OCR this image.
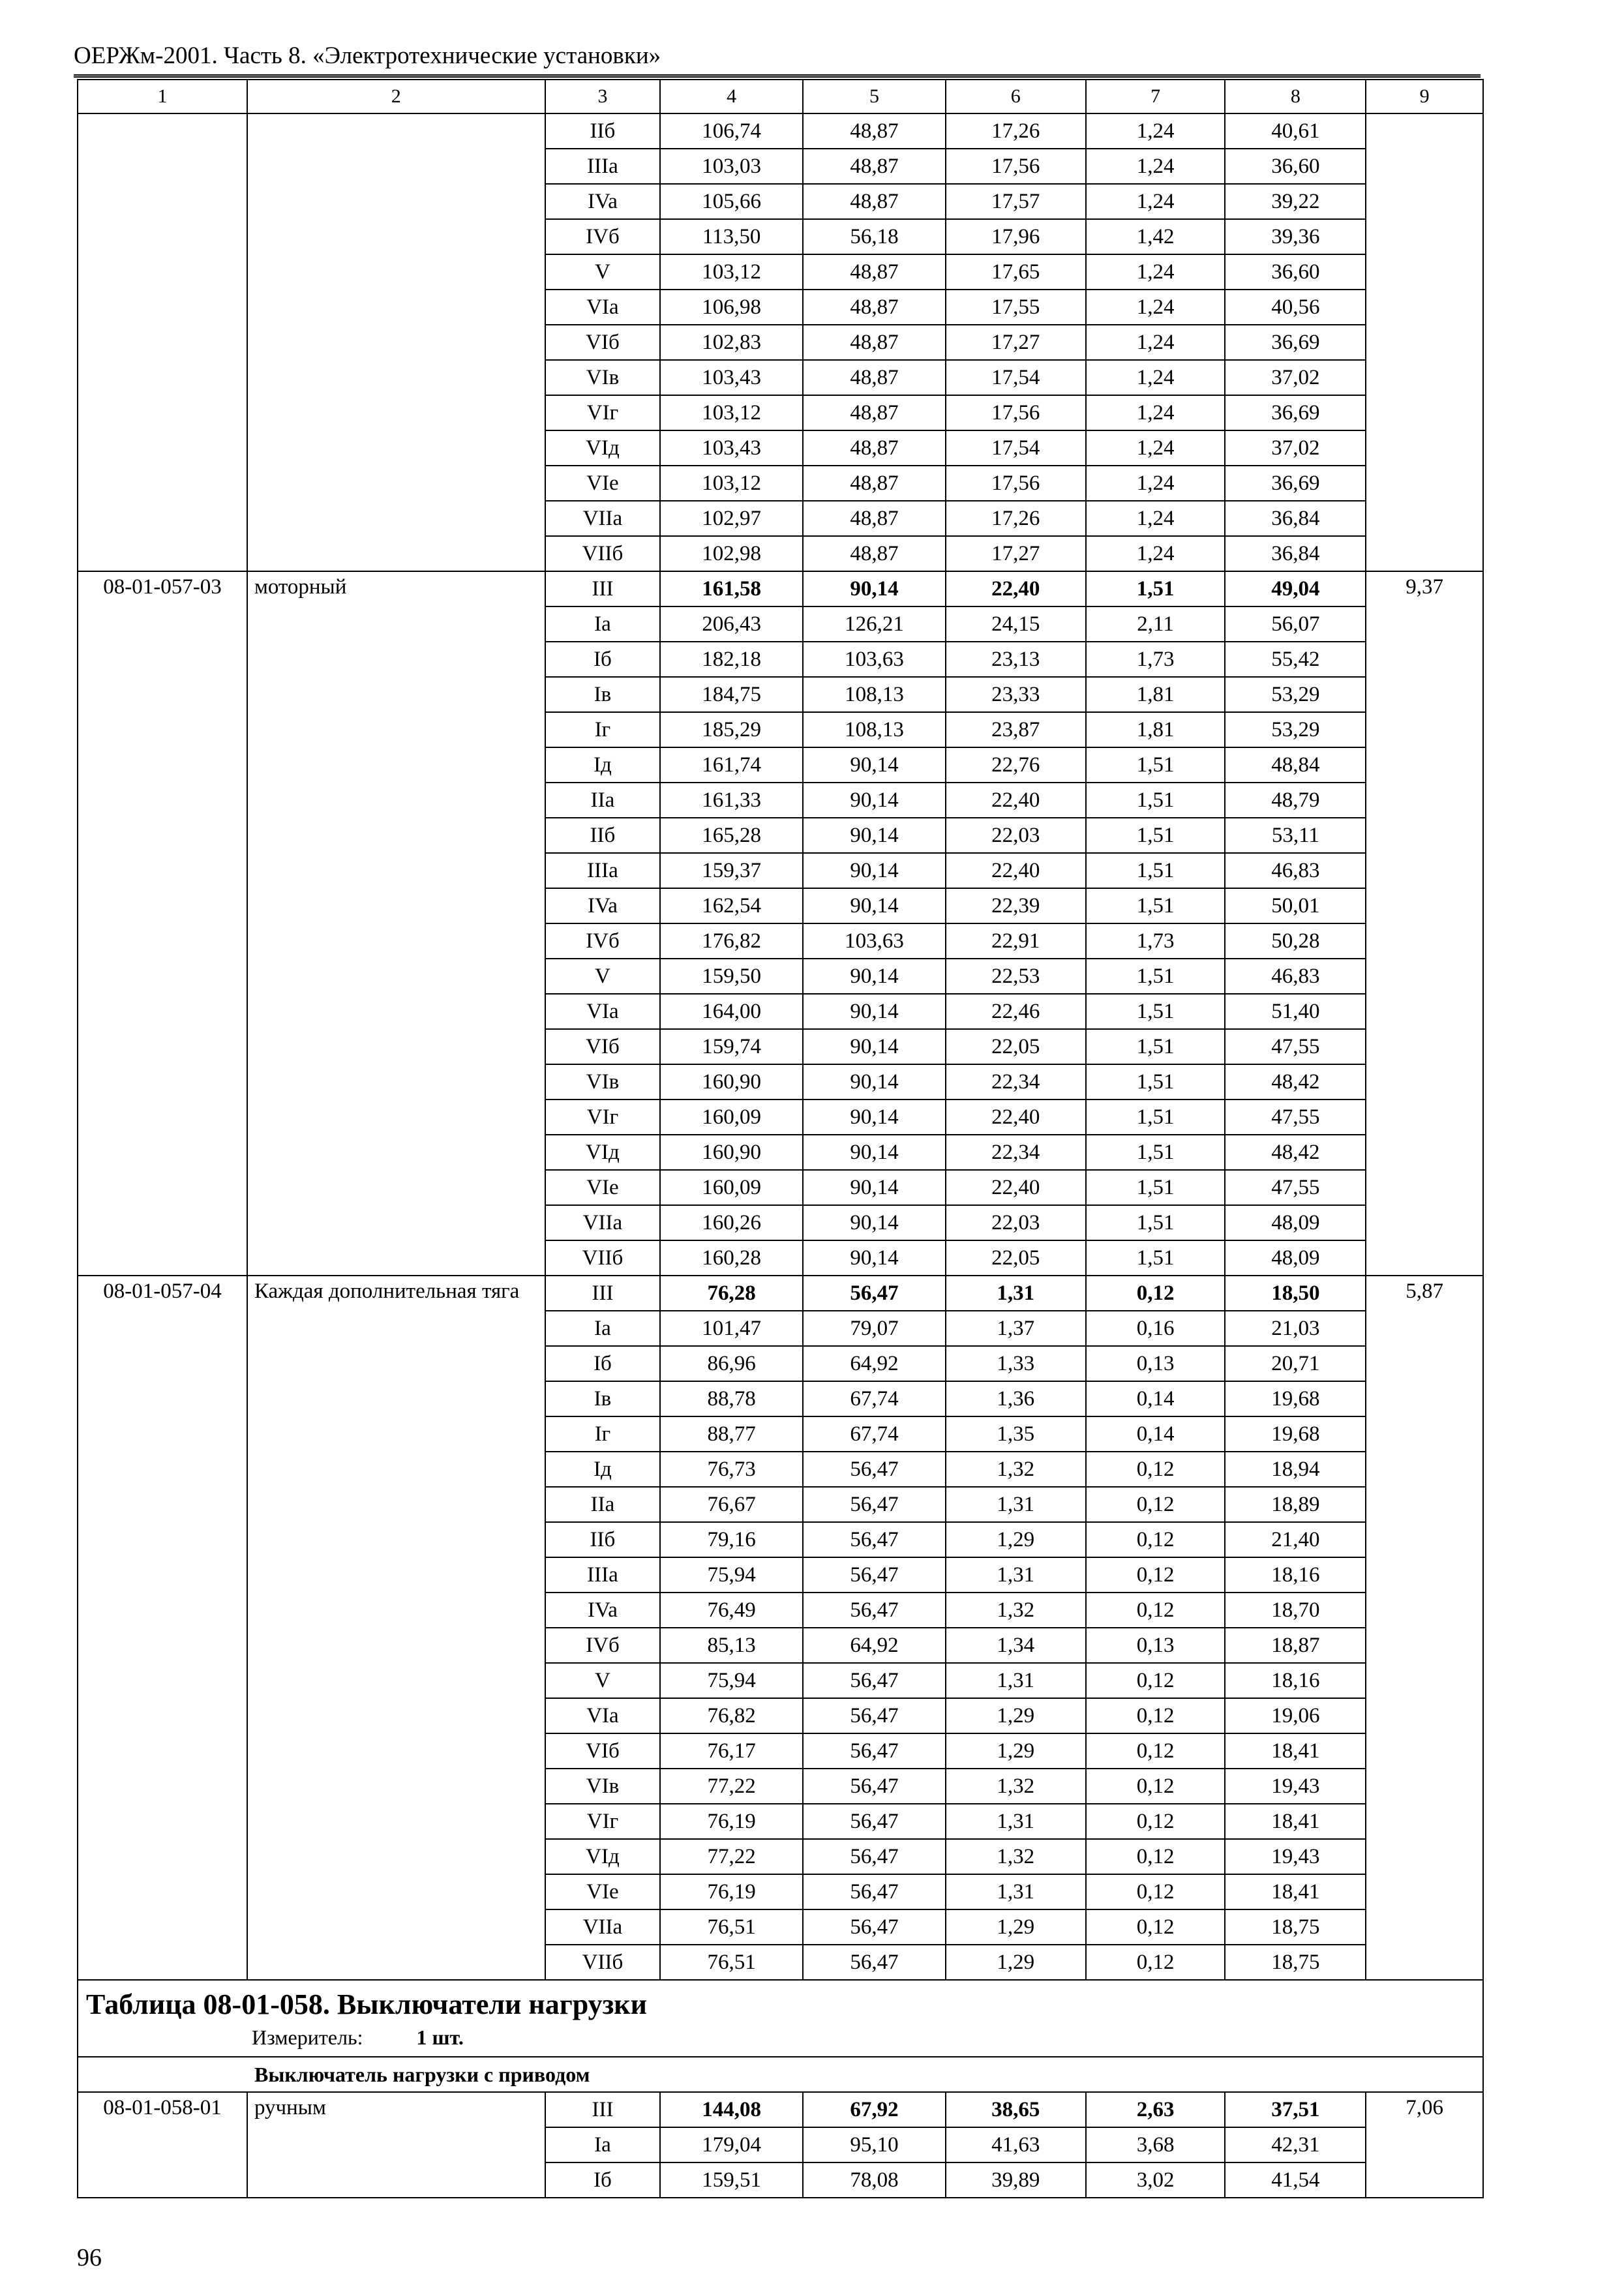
ОЕРЖм-2001. Часть 8. «Электротехнические установки»
1	2	3	4	5	6	7	8	9
		IIб	106,74	48,87	17,26	1,24	40,61	
		IIIa	103,03	48,87	17,56	1,24	36,60	
		IVa	105,66	48,87	17,57	1,24	39,22	
		IVб	113,50	56,18	17,96	1,42	39,36	
		V	103,12	48,87	17,65	1,24	36,60	
		VIa	106,98	48,87	17,55	1,24	40,56	
		VIб	102,83	48,87	17,27	1,24	36,69	
		VIв	103,43	48,87	17,54	1,24	37,02	
		VIг	103,12	48,87	17,56	1,24	36,69	
		VIд	103,43	48,87	17,54	1,24	37,02	
		VIe	103,12	48,87	17,56	1,24	36,69	
		VIIa	102,97	48,87	17,26	1,24	36,84	
		VIIб	102,98	48,87	17,27	1,24	36,84	
08-01-057-03	моторный	III	161,58	90,14	22,40	1,51	49,04	9,37
		Ia	206,43	126,21	24,15	2,11	56,07	
		Iб	182,18	103,63	23,13	1,73	55,42	
		Iв	184,75	108,13	23,33	1,81	53,29	
		Iг	185,29	108,13	23,87	1,81	53,29	
		Iд	161,74	90,14	22,76	1,51	48,84	
		IIa	161,33	90,14	22,40	1,51	48,79	
		IIб	165,28	90,14	22,03	1,51	53,11	
		IIIa	159,37	90,14	22,40	1,51	46,83	
		IVa	162,54	90,14	22,39	1,51	50,01	
		IVб	176,82	103,63	22,91	1,73	50,28	
		V	159,50	90,14	22,53	1,51	46,83	
		VIa	164,00	90,14	22,46	1,51	51,40	
		VIб	159,74	90,14	22,05	1,51	47,55	
		VIв	160,90	90,14	22,34	1,51	48,42	
		VIг	160,09	90,14	22,40	1,51	47,55	
		VIд	160,90	90,14	22,34	1,51	48,42	
		VIe	160,09	90,14	22,40	1,51	47,55	
		VIIa	160,26	90,14	22,03	1,51	48,09	
		VIIб	160,28	90,14	22,05	1,51	48,09	
08-01-057-04	Каждая дополнительная тяга	III	76,28	56,47	1,31	0,12	18,50	5,87
		Ia	101,47	79,07	1,37	0,16	21,03	
		Iб	86,96	64,92	1,33	0,13	20,71	
		Iв	88,78	67,74	1,36	0,14	19,68	
		Iг	88,77	67,74	1,35	0,14	19,68	
		Iд	76,73	56,47	1,32	0,12	18,94	
		IIa	76,67	56,47	1,31	0,12	18,89	
		IIб	79,16	56,47	1,29	0,12	21,40	
		IIIa	75,94	56,47	1,31	0,12	18,16	
		IVa	76,49	56,47	1,32	0,12	18,70	
		IVб	85,13	64,92	1,34	0,13	18,87	
		V	75,94	56,47	1,31	0,12	18,16	
		VIa	76,82	56,47	1,29	0,12	19,06	
		VIб	76,17	56,47	1,29	0,12	18,41	
		VIв	77,22	56,47	1,32	0,12	19,43	
		VIг	76,19	56,47	1,31	0,12	18,41	
		VIд	77,22	56,47	1,32	0,12	19,43	
		VIe	76,19	56,47	1,31	0,12	18,41	
		VIIa	76,51	56,47	1,29	0,12	18,75	
		VIIб	76,51	56,47	1,29	0,12	18,75	

Таблица 08-01-058. Выключатели нагрузки
Измеритель: 1 шт.								

Выключатель нагрузки с приводом								
08-01-058-01	ручным	III	144,08	67,92	38,65	2,63	37,51	7,06
		Ia	179,04	95,10	41,63	3,68	42,31	
		Iб	159,51	78,08	39,89	3,02	41,54	
96
